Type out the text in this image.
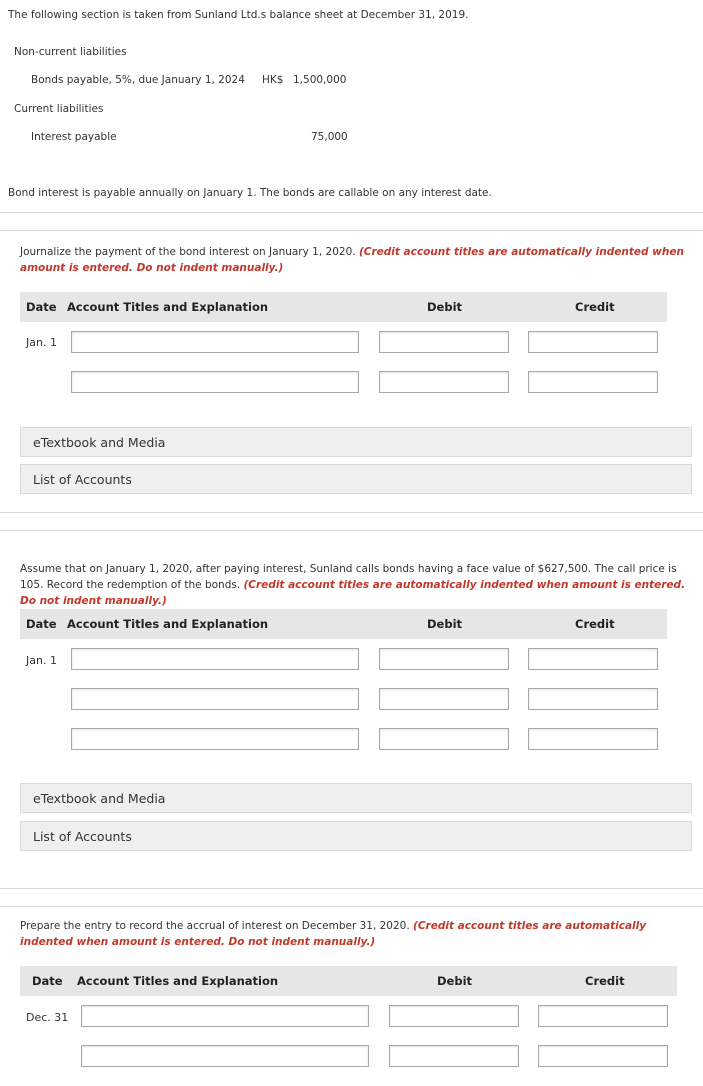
The following section is taken from Sunland Ltd.s balance sheet at December 31, 2019.
Non-current liabilities
Bonds payable, 5%, due January 1, 2024 HK$ 1,500,000
Current liabilities
Interest payable	75,000
Bond interest is payable annually on January 1. The bonds are callable on any interest date.
Journalize the payment of the bond interest on January 1, 2020. (Credit account titles are automatically indented when amount is entered. Do not indent manually.)
Date Account Titles and Explanation	Debit	Credit
Jan. 1
eTextbook and Media
List of Accounts
Assume that on January 1, 2020, after paying interest, Sunland calls bonds having a face value of $627,500. The call price is 105. Record the redemption of the bonds. (Credit account titles are automatically indented when amount is entered. Do not indent manually.)
Date Account Titles and Explanation	Debit	Credit
Jan. 1
eTextbook and Media
List of Accounts
Prepare the entry to record the accrual of interest on December 31, 2020. (Credit account titles are automatically indented when amount is entered. Do not indent manually.)
Date Account Titles and Explanation	Debit	Credit
Dec. 31
